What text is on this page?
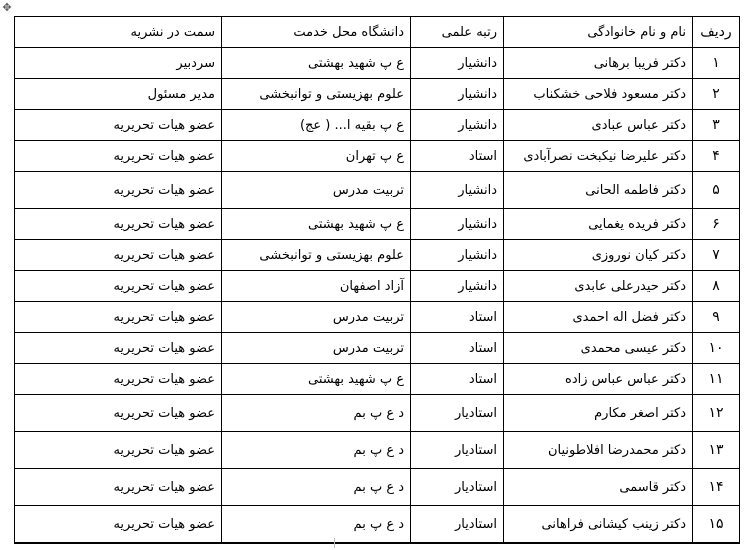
✥
ردیف	نام و نام خانوادگی	رتبه علمی	دانشگاه محل خدمت	سمت در نشریه
۱	دکتر فریبا برهانی	دانشیار	ع پ شهید بهشتی	سردبیر
۲	دکتر مسعود فلاحی خشکناب	دانشیار	علوم بهزیستی و توانبخشی	مدیر مسئول
۳	دکتر عباس عبادی	دانشیار	ع پ بقیه ا... ( عج)	عضو هیات تحریریه
۴	دکتر علیرضا نیکبخت نصرآبادی	استاد	ع پ تهران	عضو هیات تحریریه
۵	دکتر فاطمه الحانی	دانشیار	تربیت مدرس	عضو هیات تحریریه
۶	دکتر فریده یغمایی	دانشیار	ع پ شهید بهشتی	عضو هیات تحریریه
۷	دکتر کیان نوروزی	دانشیار	علوم بهزیستی و توانبخشی	عضو هیات تحریریه
۸	دکتر حیدرعلی عابدی	دانشیار	آزاد اصفهان	عضو هیات تحریریه
۹	دکتر فضل اله احمدی	استاد	تربیت مدرس	عضو هیات تحریریه
۱۰	دکتر عیسی محمدی	استاد	تربیت مدرس	عضو هیات تحریریه
۱۱	دکتر عباس عباس زاده	استاد	ع پ شهید بهشتی	عضو هیات تحریریه
۱۲	دکتر اصغر مکارم	استادیار	د ع پ بم	عضو هیات تحریریه
۱۳	دکتر محمدرضا افلاطونیان	استادیار	د ع پ بم	عضو هیات تحریریه
۱۴	دکتر قاسمی	استادیار	د ع پ بم	عضو هیات تحریریه
۱۵	دکتر زینب کیشانی فراهانی	استادیار	د ع پ بم	عضو هیات تحریریه
